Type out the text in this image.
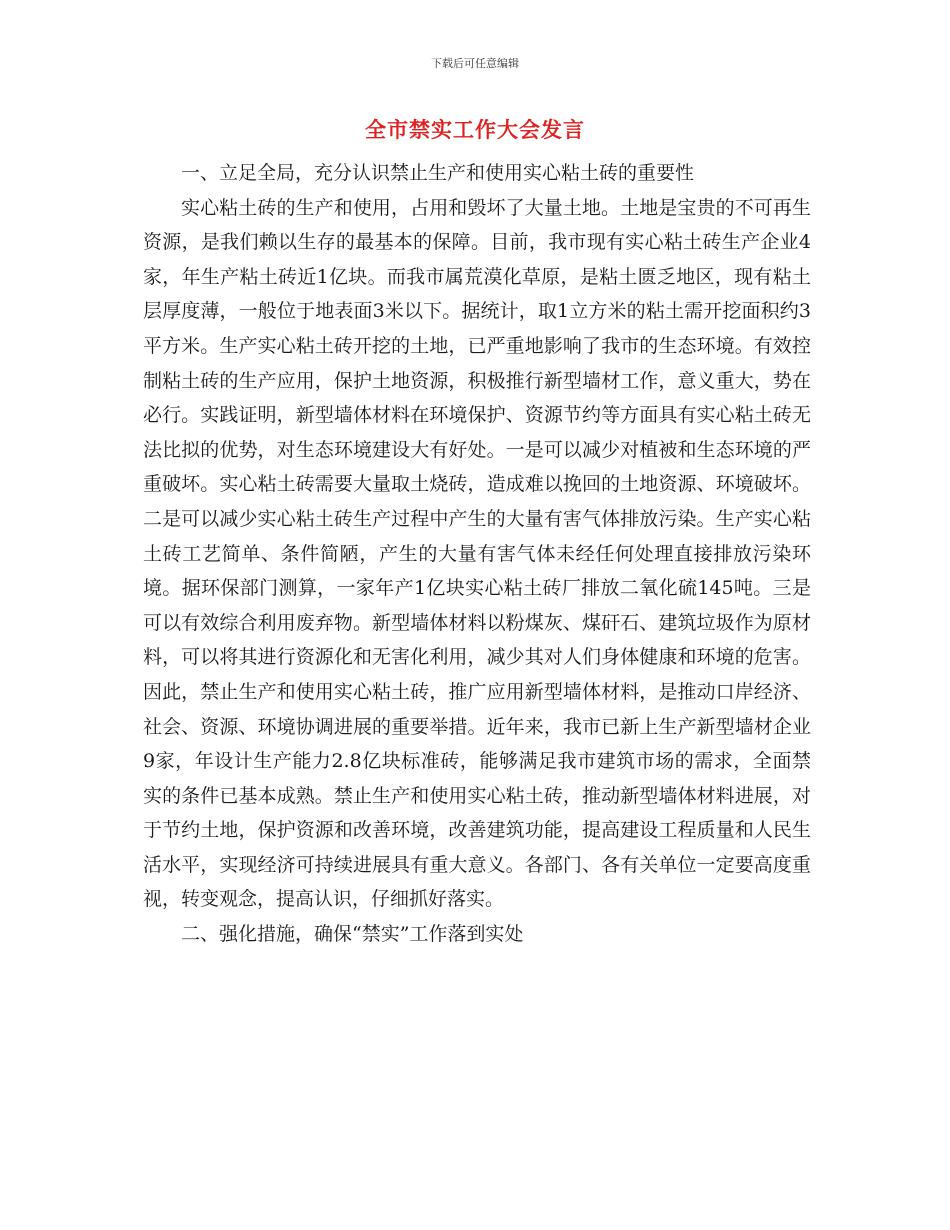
下载后可任意编辑
全市禁实工作大会发言

一、立足全局，充分认识禁止生产和使用实心粘土砖的重要性

实心粘土砖的生产和使用，占用和毁坏了大量土地。土地是宝贵的不可再生资源，是我们赖以生存的最基本的保障。目前，我市现有实心粘土砖生产企业4家，年生产粘土砖近1亿块。而我市属荒漠化草原，是粘土匮乏地区，现有粘土层厚度薄，一般位于地表面3米以下。据统计，取1立方米的粘土需开挖面积约3平方米。生产实心粘土砖开挖的土地，已严重地影响了我市的生态环境。有效控制粘土砖的生产应用，保护土地资源，积极推行新型墙材工作，意义重大，势在必行。实践证明，新型墙体材料在环境保护、资源节约等方面具有实心粘土砖无法比拟的优势，对生态环境建设大有好处。一是可以减少对植被和生态环境的严重破坏。实心粘土砖需要大量取土烧砖，造成难以挽回的土地资源、环境破坏。二是可以减少实心粘土砖生产过程中产生的大量有害气体排放污染。生产实心粘土砖工艺简单、条件简陋，产生的大量有害气体未经任何处理直接排放污染环境。据环保部门测算，一家年产1亿块实心粘土砖厂排放二氧化硫145吨。三是可以有效综合利用废弃物。新型墙体材料以粉煤灰、煤矸石、建筑垃圾作为原材料，可以将其进行资源化和无害化利用，减少其对人们身体健康和环境的危害。因此，禁止生产和使用实心粘土砖，推广应用新型墙体材料，是推动口岸经济、社会、资源、环境协调进展的重要举措。近年来，我市已新上生产新型墙材企业9家，年设计生产能力2.8亿块标准砖，能够满足我市建筑市场的需求，全面禁实的条件已基本成熟。禁止生产和使用实心粘土砖，推动新型墙体材料进展，对于节约土地，保护资源和改善环境，改善建筑功能，提高建设工程质量和人民生活水平，实现经济可持续进展具有重大意义。各部门、各有关单位一定要高度重视，转变观念，提高认识，仔细抓好落实。

二、强化措施，确保“禁实”工作落到实处
